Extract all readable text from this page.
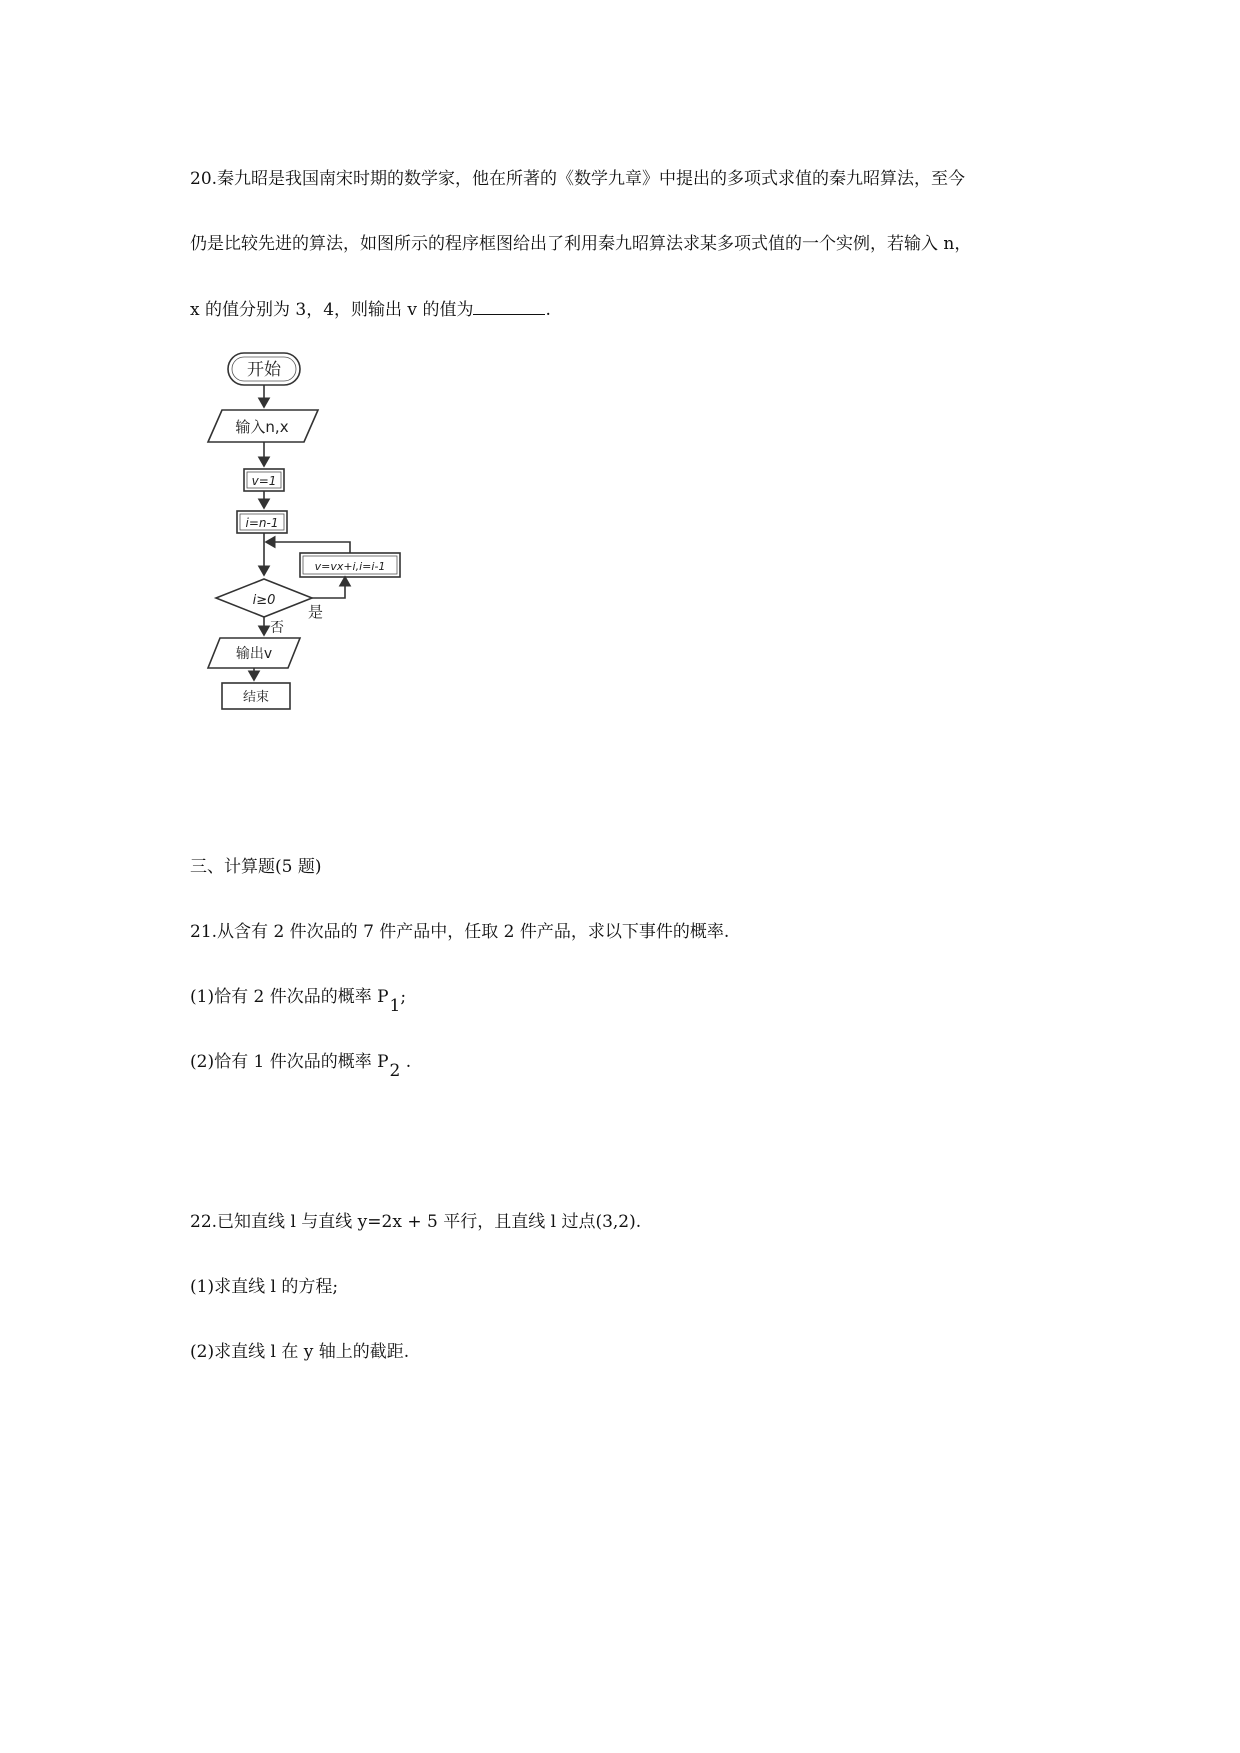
20.秦九昭是我国南宋时期的数学家，他在所著的《数学九章》中提出的多项式求值的秦九昭算法，至今
仍是比较先进的算法，如图所示的程序框图给出了利用秦九昭算法求某多项式值的一个实例，若输入 n，
x 的值分别为 3，4，则输出 v 的值为	.
开始
输入n,x
v=1
i=n-1
v=vx+i,i=i-1
i≥0
是
否
输出v
结束
三、计算题(5 题)
21.从含有 2 件次品的 7 件产品中，任取 2 件产品，求以下事件的概率.
(1)恰有 2 件次品的概率 P1;
(2)恰有 1 件次品的概率 P2 .
22.已知直线 l 与直线 y=2x + 5 平行，且直线 l 过点(3,2).
(1)求直线 l 的方程;
(2)求直线 l 在 y 轴上的截距.
